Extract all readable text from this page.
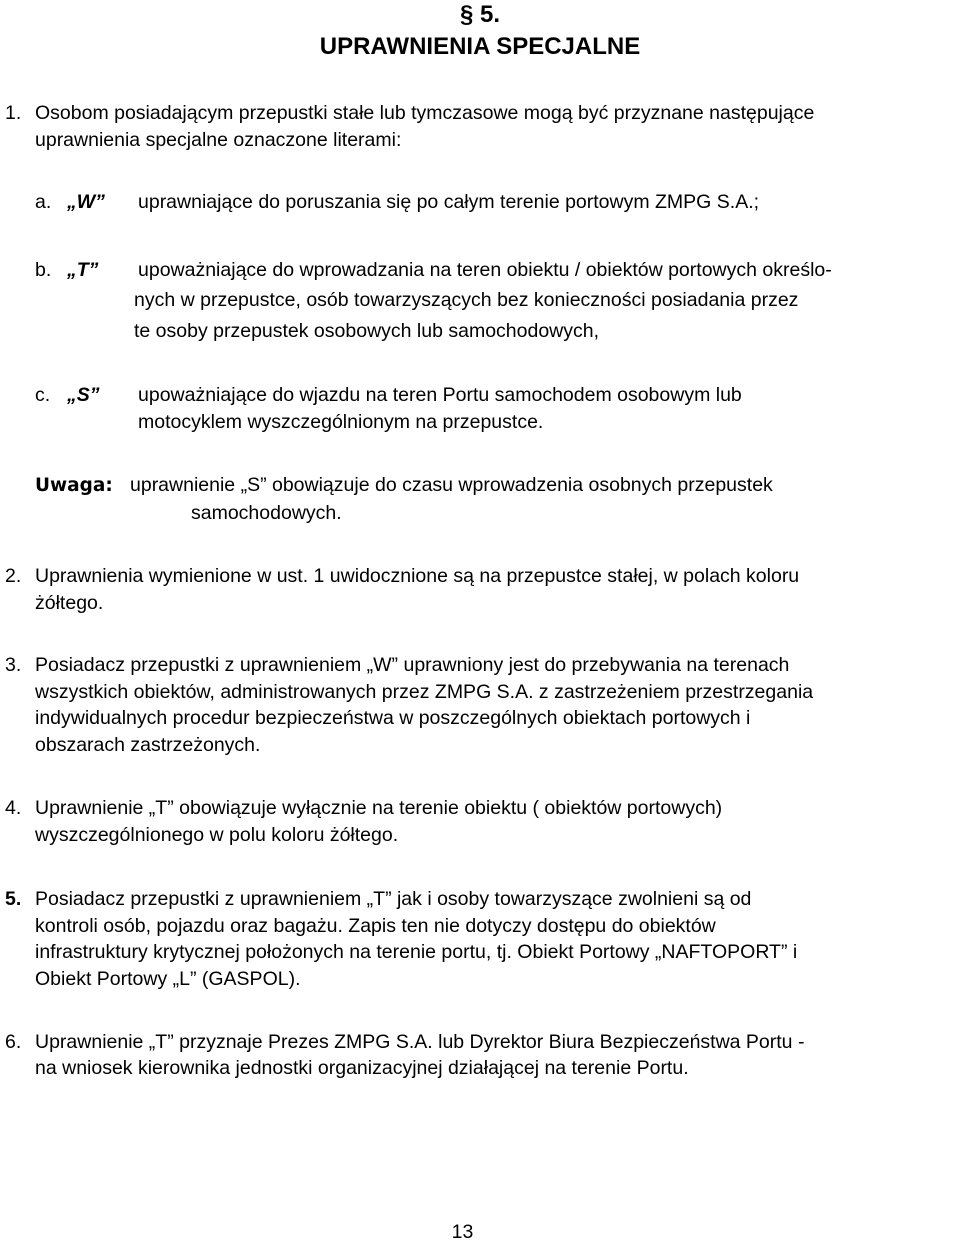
§ 5.
UPRAWNIENIA SPECJALNE
1. Osobom posiadającym przepustki stałe lub tymczasowe mogą być przyznane następujące
uprawnienia specjalne oznaczone literami:
a. „W” uprawniające do poruszania się po całym terenie portowym ZMPG S.A.;
b. „T” upoważniające do wprowadzania na teren obiektu / obiektów portowych określo-
nych w przepustce, osób towarzyszących bez konieczności posiadania przez
te osoby przepustek osobowych lub samochodowych,
c. „S” upoważniające do wjazdu na teren Portu samochodem osobowym lub
motocyklem wyszczególnionym na przepustce.
Uwaga: uprawnienie „S” obowiązuje do czasu wprowadzenia osobnych przepustek
samochodowych.
2. Uprawnienia wymienione w ust. 1 uwidocznione są na przepustce stałej, w polach koloru
żółtego.
3. Posiadacz przepustki z uprawnieniem „W” uprawniony jest do przebywania na terenach
wszystkich obiektów, administrowanych przez ZMPG S.A. z zastrzeżeniem przestrzegania
indywidualnych procedur bezpieczeństwa w poszczególnych obiektach portowych i
obszarach zastrzeżonych.
4. Uprawnienie „T” obowiązuje wyłącznie na terenie obiektu ( obiektów portowych)
wyszczególnionego w polu koloru żółtego.
5. Posiadacz przepustki z uprawnieniem „T” jak i osoby towarzyszące zwolnieni są od
kontroli osób, pojazdu oraz bagażu. Zapis ten nie dotyczy dostępu do obiektów
infrastruktury krytycznej położonych na terenie portu, tj. Obiekt Portowy „NAFTOPORT” i
Obiekt Portowy „L” (GASPOL).
6. Uprawnienie „T” przyznaje Prezes ZMPG S.A. lub Dyrektor Biura Bezpieczeństwa Portu -
na wniosek kierownika jednostki organizacyjnej działającej na terenie Portu.
13
